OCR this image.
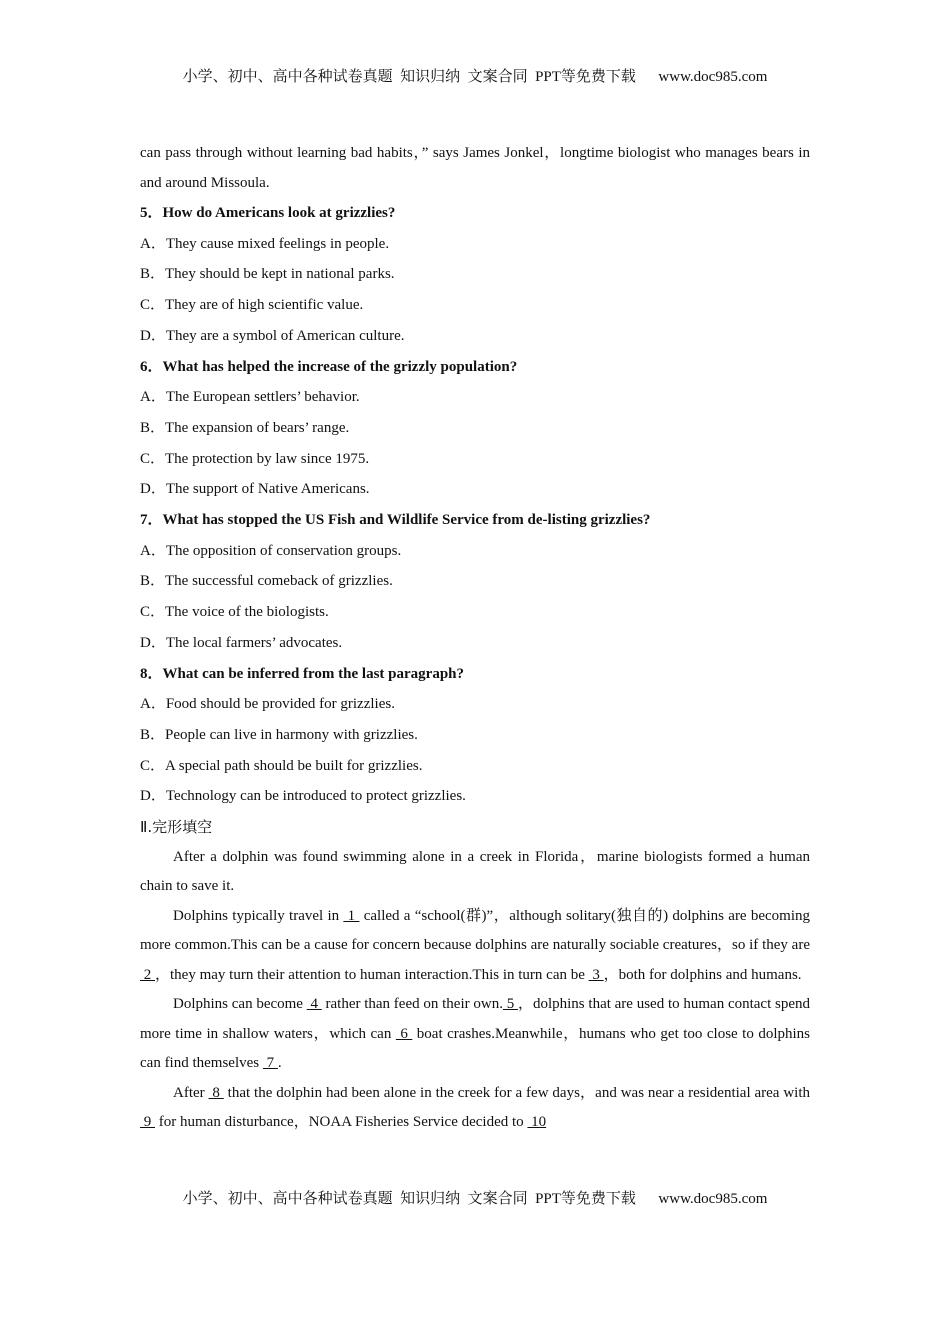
小学、初中、高中各种试卷真题  知识归纳  文案合同  PPT等免费下载      www.doc985.com

can pass through without learning bad habits，” says James Jonkel，longtime biologist who manages bears in and around Missoula.

5．How do Americans look at grizzlies?

A．They cause mixed feelings in people.

B．They should be kept in national parks.

C．They are of high scientific value.

D．They are a symbol of American culture.

6．What has helped the increase of the grizzly population?

A．The European settlers’ behavior.

B．The expansion of bears’ range.

C．The protection by law since 1975.

D．The support of Native Americans.

7．What has stopped the US Fish and Wildlife Service from de-listing grizzlies?

A．The opposition of conservation groups.

B．The successful comeback of grizzlies.

C．The voice of the biologists.

D．The local farmers’ advocates.

8．What can be inferred from the last paragraph?

A．Food should be provided for grizzlies.

B．People can live in harmony with grizzlies.

C．A special path should be built for grizzlies.

D．Technology can be introduced to protect grizzlies.

Ⅱ.完形填空

After a dolphin was found swimming alone in a creek in Florida，marine biologists formed a human chain to save it.

Dolphins typically travel in  1  called a “school(群)”，although solitary(独自的) dolphins are becoming more common.This can be a cause for concern because dolphins are naturally sociable creatures，so if they are  2 ，they may turn their attention to human interaction.This in turn can be  3 ，both for dolphins and humans.

Dolphins can become  4  rather than feed on their own. 5 ，dolphins that are used to human contact spend more time in shallow waters，which can  6  boat crashes.Meanwhile，humans who get too close to dolphins can find themselves  7 .

After  8  that the dolphin had been alone in the creek for a few days，and was near a residential area with  9  for human disturbance，NOAA Fisheries Service decided to  10

小学、初中、高中各种试卷真题  知识归纳  文案合同  PPT等免费下载      www.doc985.com
